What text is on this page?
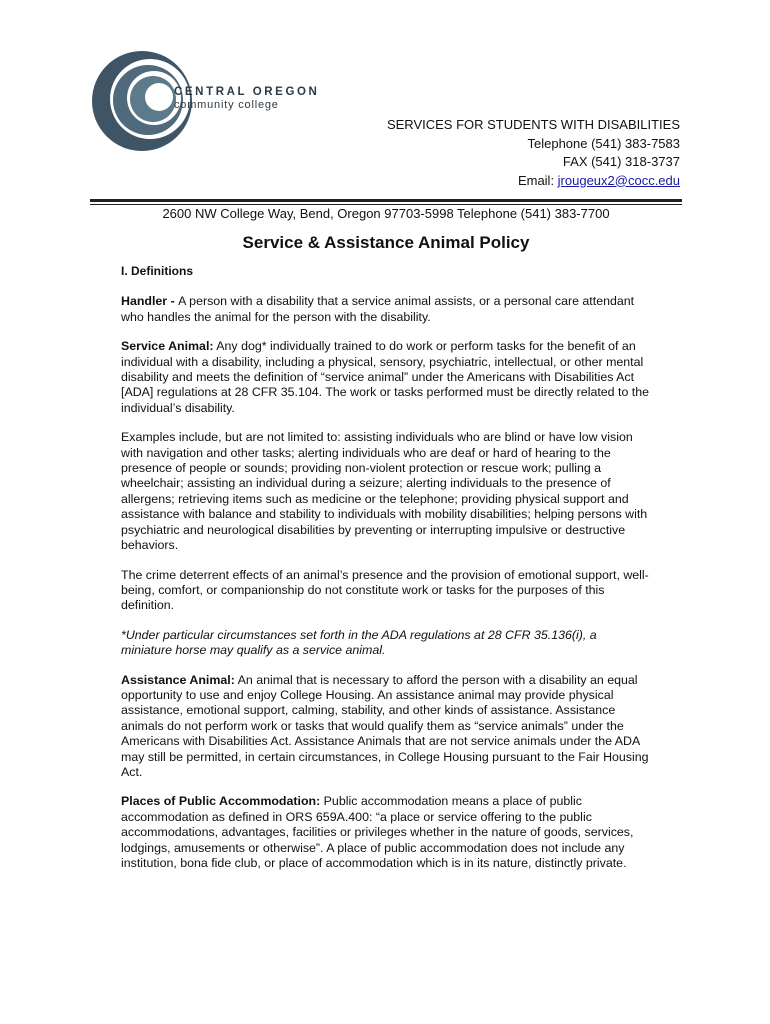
CENTRAL OREGON
community college
SERVICES FOR STUDENTS WITH DISABILITIES
Telephone (541) 383-7583
FAX (541) 318-3737
Email: jrougeux2@cocc.edu
2600 NW College Way, Bend, Oregon 97703-5998 Telephone (541) 383-7700
Service & Assistance Animal Policy
I. Definitions

Handler - A person with a disability that a service animal assists, or a personal care attendant who handles the animal for the person with the disability.

Service Animal: Any dog* individually trained to do work or perform tasks for the benefit of an individual with a disability, including a physical, sensory, psychiatric, intellectual, or other mental disability and meets the definition of “service animal” under the Americans with Disabilities Act [ADA] regulations at 28 CFR 35.104. The work or tasks performed must be directly related to the individual’s disability.

Examples include, but are not limited to: assisting individuals who are blind or have low vision with navigation and other tasks; alerting individuals who are deaf or hard of hearing to the presence of people or sounds; providing non-violent protection or rescue work; pulling a wheelchair; assisting an individual during a seizure; alerting individuals to the presence of allergens; retrieving items such as medicine or the telephone; providing physical support and assistance with balance and stability to individuals with mobility disabilities; helping persons with psychiatric and neurological disabilities by preventing or interrupting impulsive or destructive behaviors.

The crime deterrent effects of an animal’s presence and the provision of emotional support, well-being, comfort, or companionship do not constitute work or tasks for the purposes of this definition.

*Under particular circumstances set forth in the ADA regulations at 28 CFR 35.136(i), a miniature horse may qualify as a service animal.

Assistance Animal: An animal that is necessary to afford the person with a disability an equal opportunity to use and enjoy College Housing. An assistance animal may provide physical assistance, emotional support, calming, stability, and other kinds of assistance. Assistance animals do not perform work or tasks that would qualify them as “service animals” under the Americans with Disabilities Act. Assistance Animals that are not service animals under the ADA may still be permitted, in certain circumstances, in College Housing pursuant to the Fair Housing Act.

Places of Public Accommodation: Public accommodation means a place of public accommodation as defined in ORS 659A.400: “a place or service offering to the public accommodations, advantages, facilities or privileges whether in the nature of goods, services, lodgings, amusements or otherwise”. A place of public accommodation does not include any institution, bona fide club, or place of accommodation which is in its nature, distinctly private.
